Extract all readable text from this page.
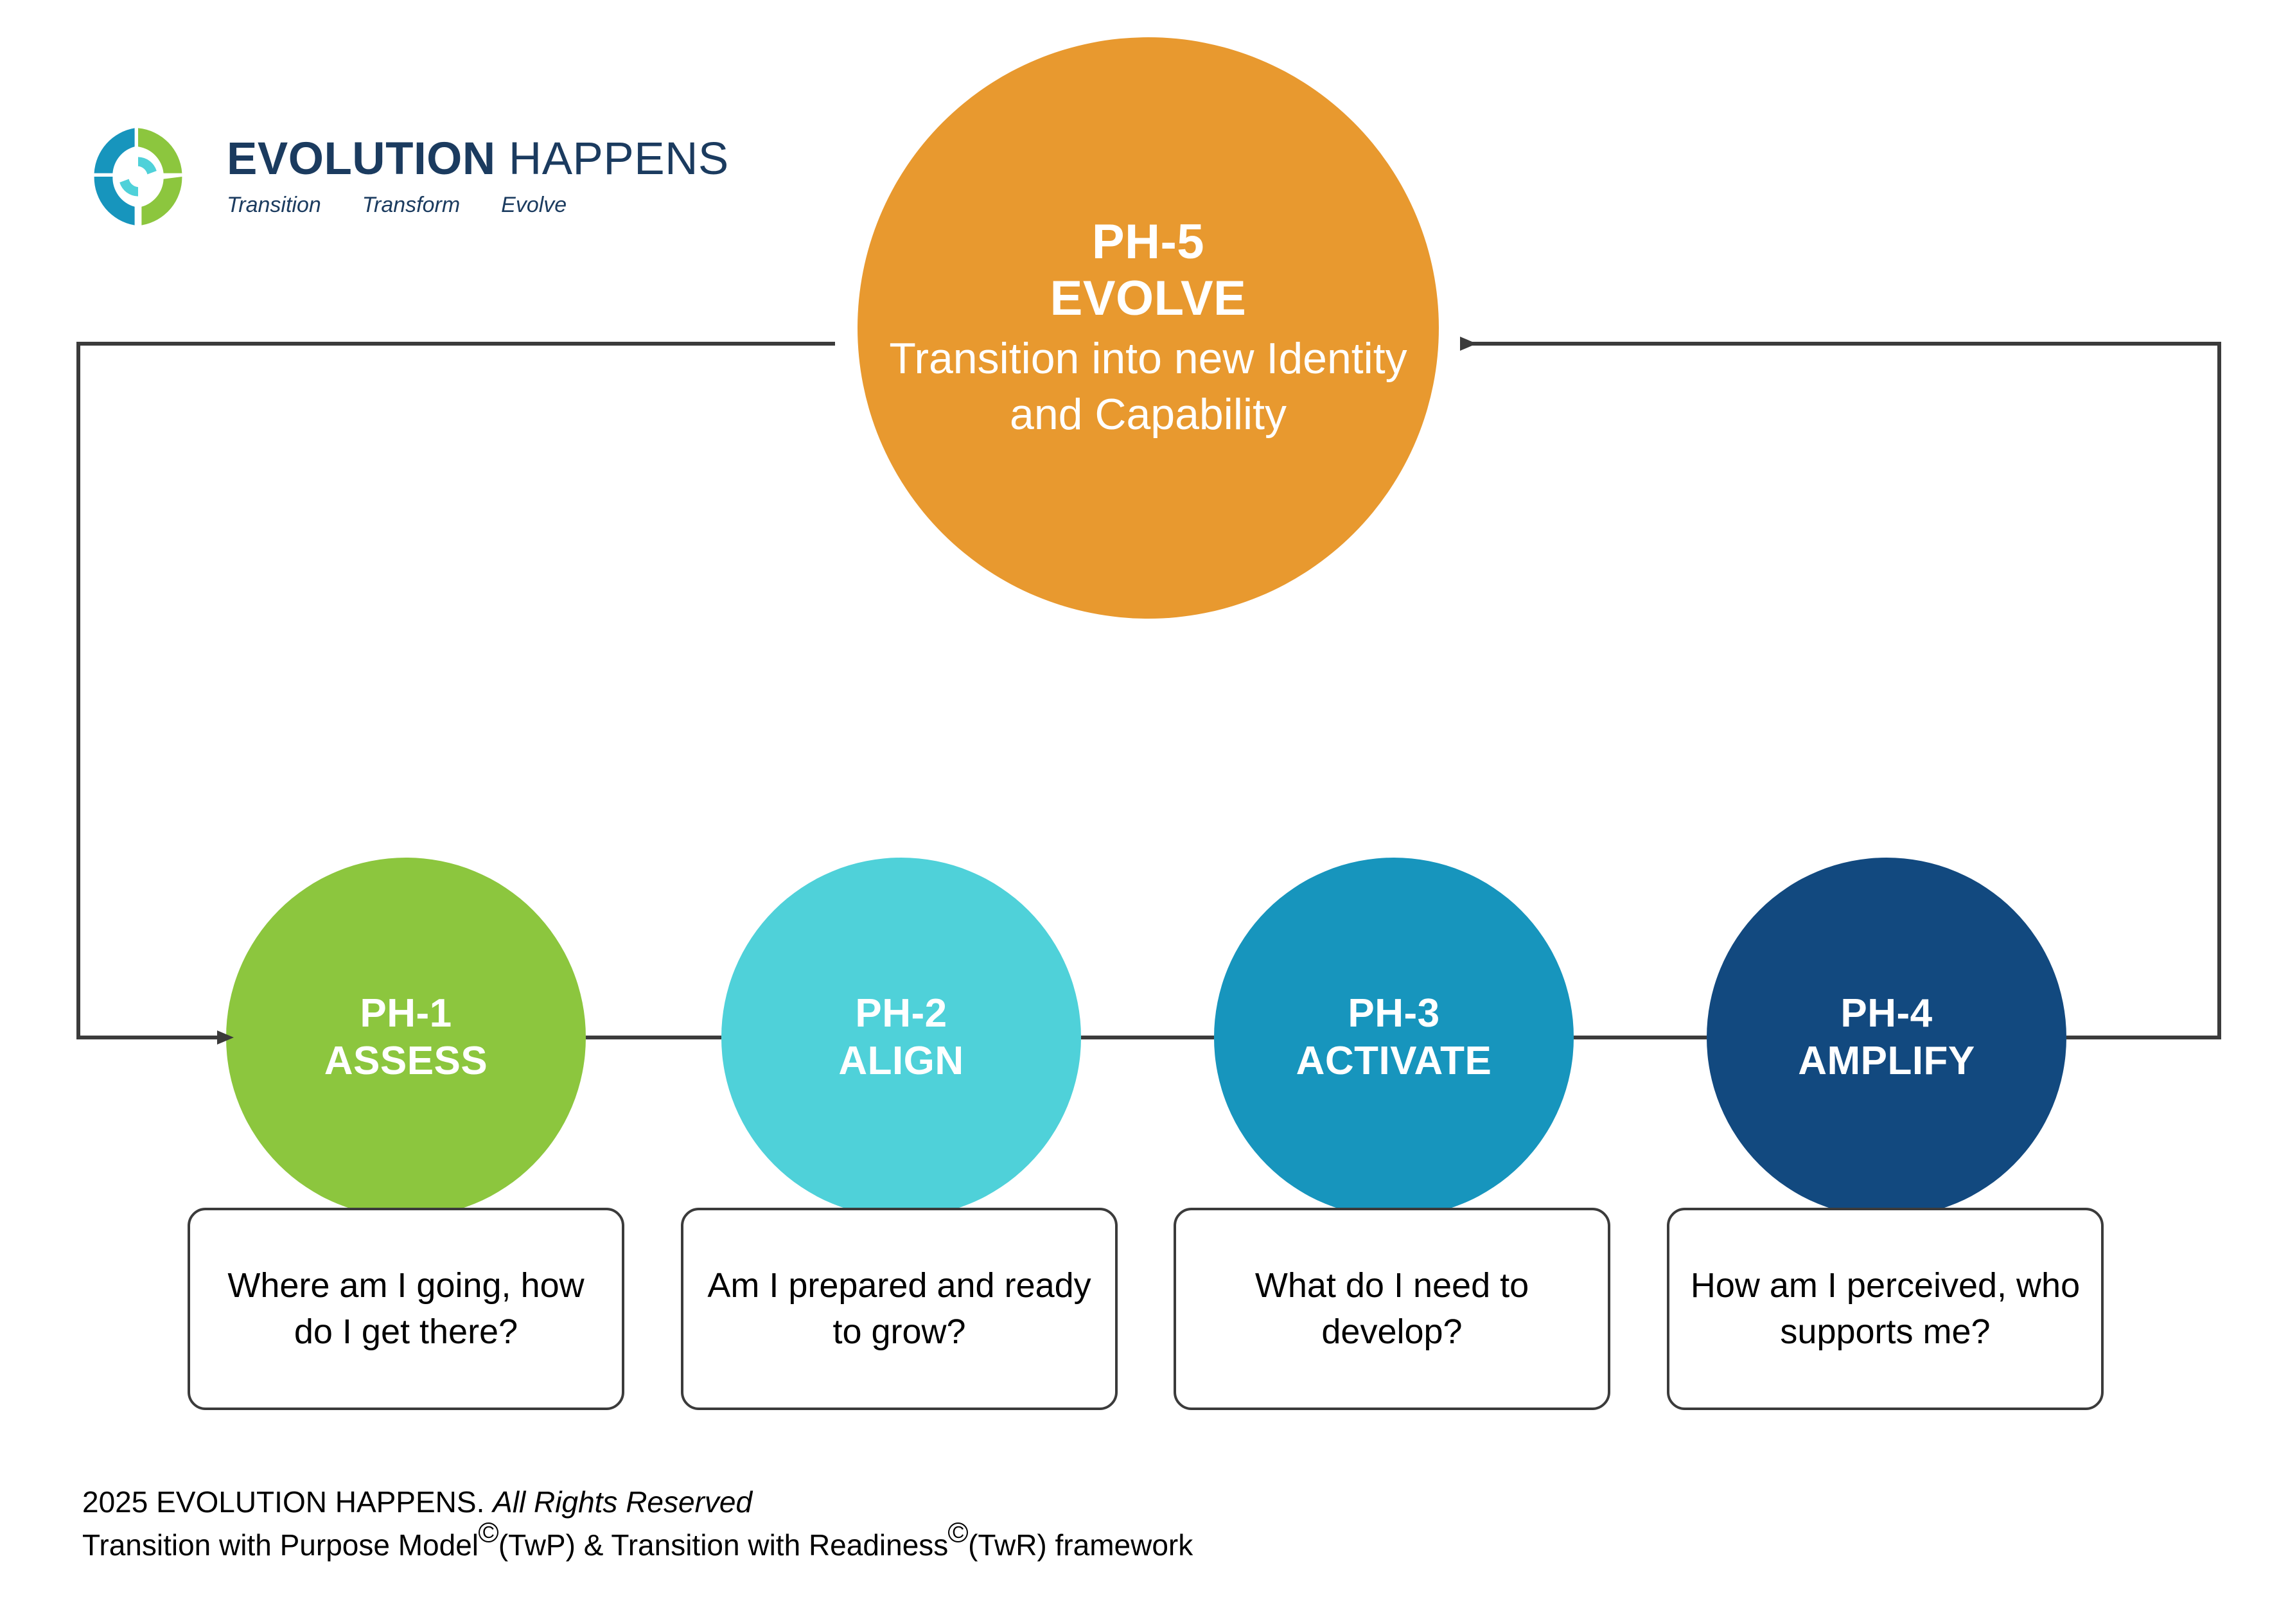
EVOLUTION HAPPENS
Transition Transform Evolve
PH-5
EVOLVE
Transition into new Identity and Capability
PH-1
ASSESS
PH-2
ALIGN
PH-3
ACTIVATE
PH-4
AMPLIFY
Where am I going, how do I get there?
Am I prepared and ready to grow?
What do I need to develop?
How am I perceived, who supports me?
2025 EVOLUTION HAPPENS. All Rights Reserved
Transition with Purpose Model C (TwP) & Transition with Readiness C (TwR) framework
